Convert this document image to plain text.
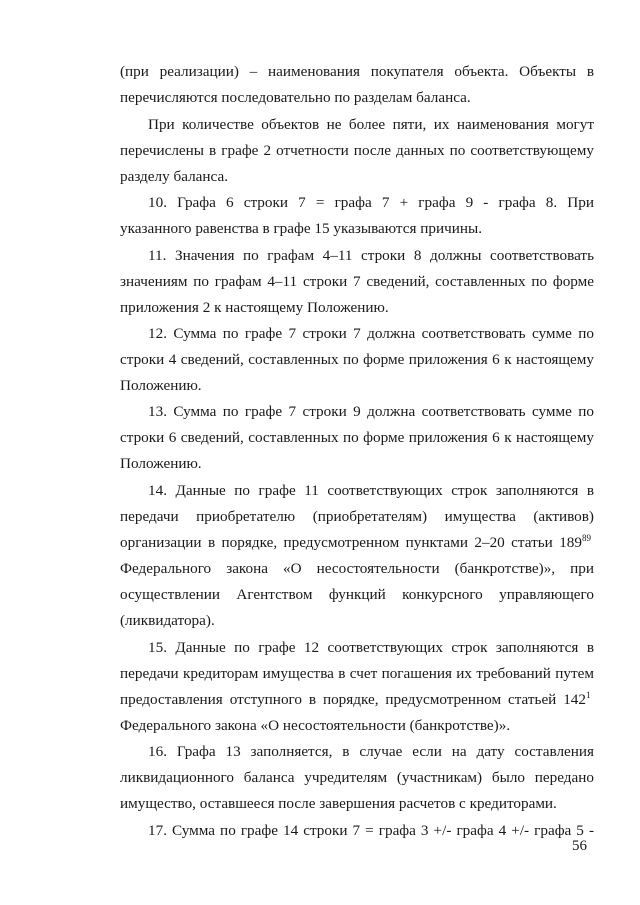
(при реализации) – наименования покупателя объекта. Объекты в
перечисляются последовательно по разделам баланса.
При количестве объектов не более пяти, их наименования могут
перечислены в графе 2 отчетности после данных по соответствующему
разделу баланса.
10. Графа 6 строки 7 = графа 7 + графа 9 - графа 8. При
указанного равенства в графе 15 указываются причины.
11. Значения по графам 4–11 строки 8 должны соответствовать
значениям по графам 4–11 строки 7 сведений, составленных по форме
приложения 2 к настоящему Положению.
12. Сумма по графе 7 строки 7 должна соответствовать сумме по
строки 4 сведений, составленных по форме приложения 6 к настоящему
Положению.
13. Сумма по графе 7 строки 9 должна соответствовать сумме по
строки 6 сведений, составленных по форме приложения 6 к настоящему
Положению.
14. Данные по графе 11 соответствующих строк заполняются в
передачи приобретателю (приобретателям) имущества (активов)
организации в порядке, предусмотренном пунктами 2–20 статьи $189^{89}$
Федерального закона «О несостоятельности (банкротстве)», при
осуществлении Агентством функций конкурсного управляющего
(ликвидатора).
15. Данные по графе 12 соответствующих строк заполняются в
передачи кредиторам имущества в счет погашения их требований путем
предоставления отступного в порядке, предусмотренном статьей $142^1$
Федерального закона «О несостоятельности (банкротстве)».
16. Графа 13 заполняется, в случае если на дату составления
ликвидационного баланса учредителям (участникам) было передано
имущество, оставшееся после завершения расчетов с кредиторами.
17. Сумма по графе 14 строки 7 = графа 3 +/- графа 4 +/- графа 5 -
56
